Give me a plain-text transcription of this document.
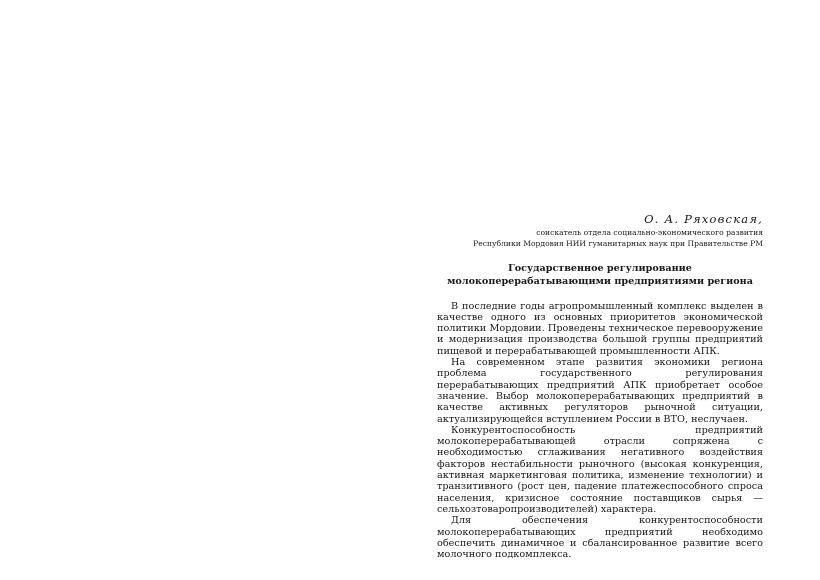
О. А. Ряховская,

соискатель отдела социально-экономического развития

Республики Мордовия НИИ гуманитарных наук при Правительстве РМ

Государственное регулирование
молокоперерабатывающими предприятиями региона

В последние годы агропромышленный комплекс выделен в качестве одного из основных приоритетов экономической политики Мордовии. Проведены техническое перевооружение и модернизация производства большой группы предприятий пищевой и перерабатывающей промышленности АПК.

На современном этапе развития экономики региона проблема государственного регулирования перерабатывающих предприятий АПК приобретает особое значение. Выбор молокоперерабатывающих предприятий в качестве активных регуляторов рыночной ситуации, актуализирующейся вступлением России в ВТО, неслучаен.

Конкурентоспособность предприятий молокоперерабатывающей отрасли сопряжена с необходимостью сглаживания негативного воздействия факторов нестабильности рыночного (высокая конкуренция, активная маркетинговая политика, изменение технологии) и транзитивного (рост цен, падение платежеспособного спроса населения, кризисное состояние поставщиков сырья — сельхозтоваропроизводителей) характера.

Для обеспечения конкурентоспособности молокоперерабатывающих предприятий необходимо обеспечить динамичное и сбалансированное развитие всего молочного подкомплекса.
